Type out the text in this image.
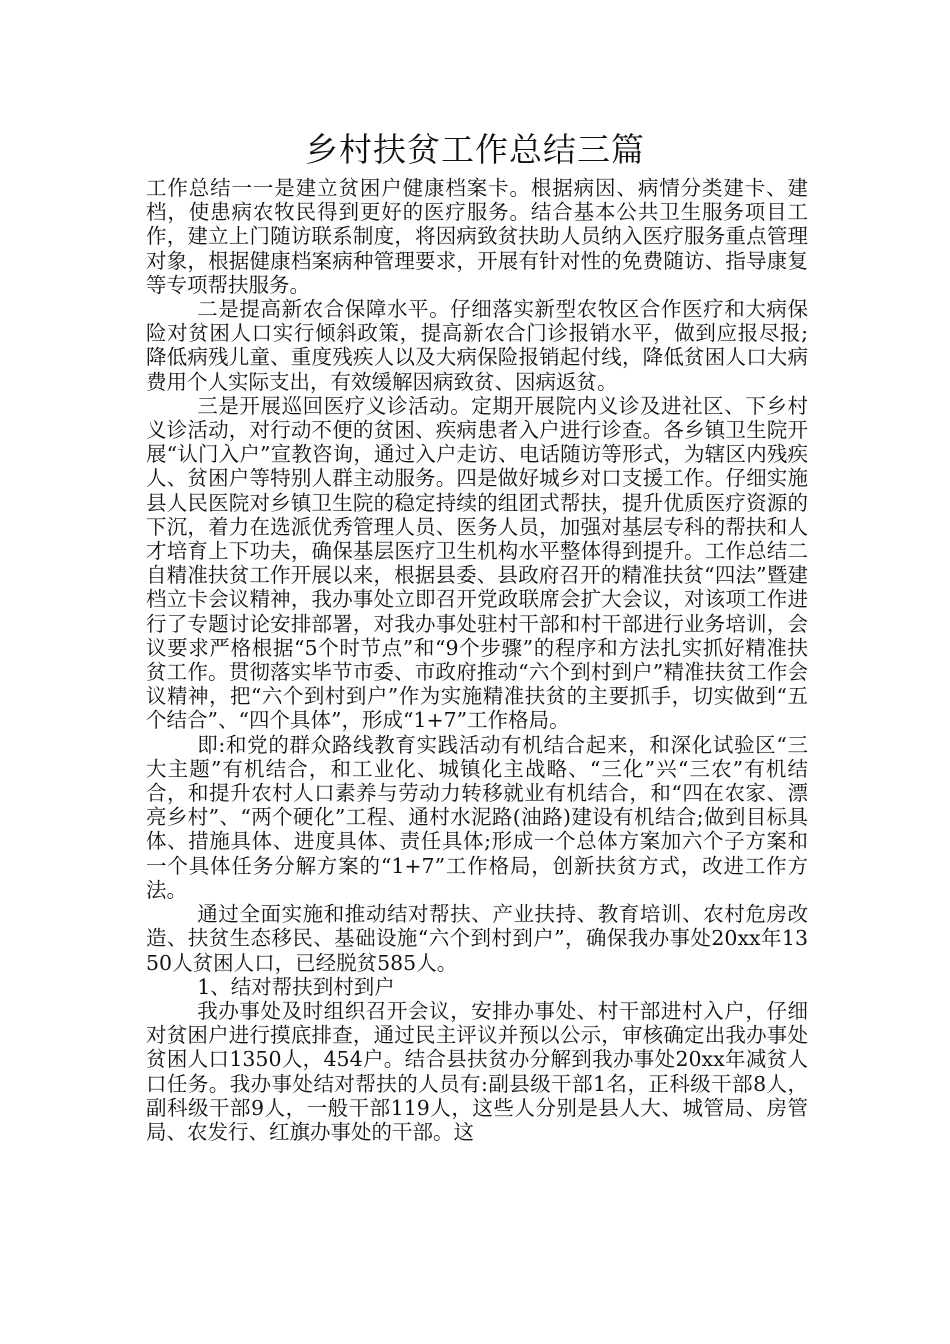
乡村扶贫工作总结三篇

工作总结一一是建立贫困户健康档案卡。根据病因、病情分类建卡、建档，使患病农牧民得到更好的医疗服务。结合基本公共卫生服务项目工作，建立上门随访联系制度，将因病致贫扶助人员纳入医疗服务重点管理对象，根据健康档案病种管理要求，开展有针对性的免费随访、指导康复等专项帮扶服务。

二是提高新农合保障水平。仔细落实新型农牧区合作医疗和大病保险对贫困人口实行倾斜政策，提高新农合门诊报销水平，做到应报尽报;降低病残儿童、重度残疾人以及大病保险报销起付线，降低贫困人口大病费用个人实际支出，有效缓解因病致贫、因病返贫。

三是开展巡回医疗义诊活动。定期开展院内义诊及进社区、下乡村义诊活动，对行动不便的贫困、疾病患者入户进行诊查。各乡镇卫生院开展“认门入户”宣教咨询，通过入户走访、电话随访等形式，为辖区内残疾人、贫困户等特别人群主动服务。四是做好城乡对口支援工作。仔细实施县人民医院对乡镇卫生院的稳定持续的组团式帮扶，提升优质医疗资源的下沉，着力在选派优秀管理人员、医务人员，加强对基层专科的帮扶和人才培育上下功夫，确保基层医疗卫生机构水平整体得到提升。工作总结二自精准扶贫工作开展以来，根据县委、县政府召开的精准扶贫“四法”暨建档立卡会议精神，我办事处立即召开党政联席会扩大会议，对该项工作进行了专题讨论安排部署，对我办事处驻村干部和村干部进行业务培训，会议要求严格根据“5个时节点”和“9个步骤”的程序和方法扎实抓好精准扶贫工作。贯彻落实毕节市委、市政府推动“六个到村到户”精准扶贫工作会议精神，把“六个到村到户”作为实施精准扶贫的主要抓手，切实做到“五个结合”、“四个具体”，形成“1+7”工作格局。

即:和党的群众路线教育实践活动有机结合起来，和深化试验区“三大主题”有机结合，和工业化、城镇化主战略、“三化”兴“三农”有机结合，和提升农村人口素养与劳动力转移就业有机结合，和“四在农家、漂亮乡村”、“两个硬化”工程、通村水泥路(油路)建设有机结合;做到目标具体、措施具体、进度具体、责任具体;形成一个总体方案加六个子方案和一个具体任务分解方案的“1+7”工作格局，创新扶贫方式，改进工作方法。

通过全面实施和推动结对帮扶、产业扶持、教育培训、农村危房改造、扶贫生态移民、基础设施“六个到村到户”，确保我办事处20xx年1350人贫困人口，已经脱贫585人。

1、结对帮扶到村到户

我办事处及时组织召开会议，安排办事处、村干部进村入户，仔细对贫困户进行摸底排查，通过民主评议并预以公示，审核确定出我办事处贫困人口1350人，454户。结合县扶贫办分解到我办事处20xx年减贫人口任务。我办事处结对帮扶的人员有:副县级干部1名，正科级干部8人，副科级干部9人，一般干部119人，这些人分别是县人大、城管局、房管局、农发行、红旗办事处的干部。这
